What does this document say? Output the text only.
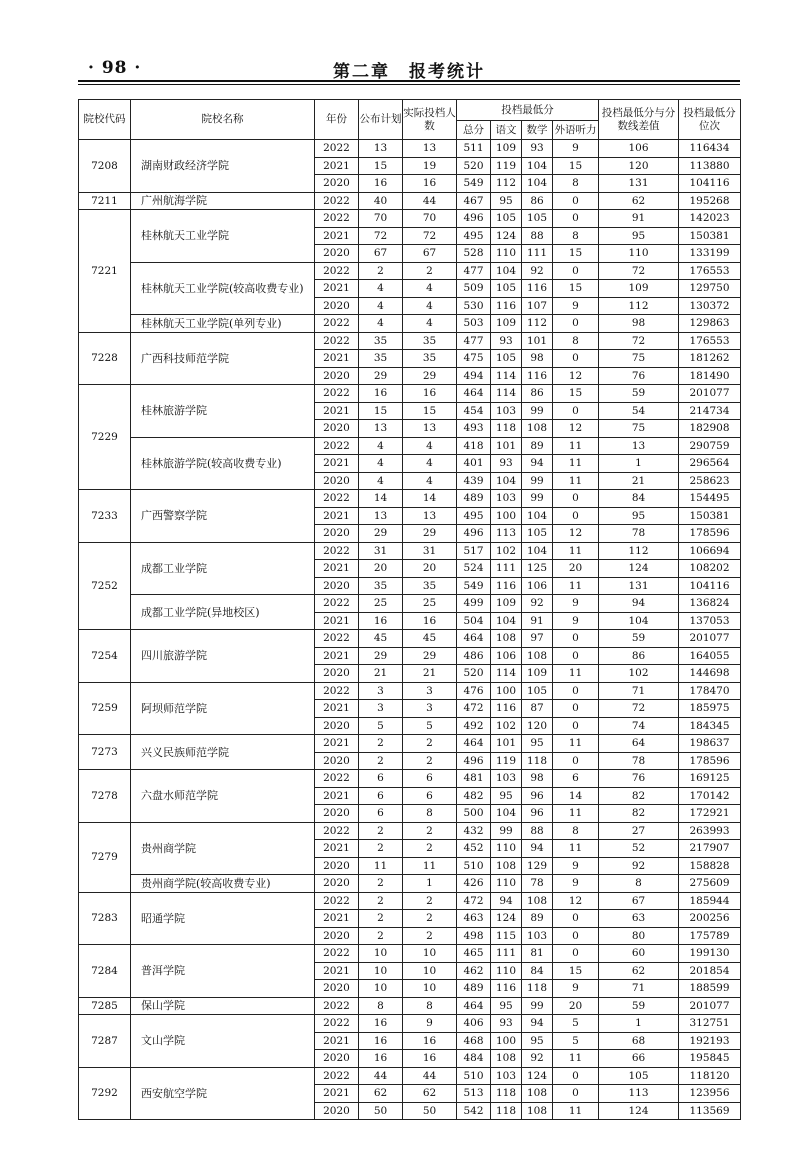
· 98 ·	第二章　报考统计
院校代码	院校名称	年份	公布计划	实际投档人数	投档最低分				投档最低分与分数线差值	投档最低分位次
					总分	语文	数学	外语听力		
7208	湖南财政经济学院	2022	13	13	511	109	93	9	106	116434
		2021	15	19	520	119	104	15	120	113880
		2020	16	16	549	112	104	8	131	104116
7211	广州航海学院	2022	40	44	467	95	86	0	62	195268
7221	桂林航天工业学院	2022	70	70	496	105	105	0	91	142023
		2021	72	72	495	124	88	8	95	150381
		2020	67	67	528	110	111	15	110	133199
	桂林航天工业学院(较高收费专业)	2022	2	2	477	104	92	0	72	176553
		2021	4	4	509	105	116	15	109	129750
		2020	4	4	530	116	107	9	112	130372
	桂林航天工业学院(单列专业)	2022	4	4	503	109	112	0	98	129863
7228	广西科技师范学院	2022	35	35	477	93	101	8	72	176553
		2021	35	35	475	105	98	0	75	181262
		2020	29	29	494	114	116	12	76	181490
7229	桂林旅游学院	2022	16	16	464	114	86	15	59	201077
		2021	15	15	454	103	99	0	54	214734
		2020	13	13	493	118	108	12	75	182908
	桂林旅游学院(较高收费专业)	2022	4	4	418	101	89	11	13	290759
		2021	4	4	401	93	94	11	1	296564
		2020	4	4	439	104	99	11	21	258623
7233	广西警察学院	2022	14	14	489	103	99	0	84	154495
		2021	13	13	495	100	104	0	95	150381
		2020	29	29	496	113	105	12	78	178596
7252	成都工业学院	2022	31	31	517	102	104	11	112	106694
		2021	20	20	524	111	125	20	124	108202
		2020	35	35	549	116	106	11	131	104116
	成都工业学院(异地校区)	2022	25	25	499	109	92	9	94	136824
		2021	16	16	504	104	91	9	104	137053
7254	四川旅游学院	2022	45	45	464	108	97	0	59	201077
		2021	29	29	486	106	108	0	86	164055
		2020	21	21	520	114	109	11	102	144698
7259	阿坝师范学院	2022	3	3	476	100	105	0	71	178470
		2021	3	3	472	116	87	0	72	185975
		2020	5	5	492	102	120	0	74	184345
7273	兴义民族师范学院	2021	2	2	464	101	95	11	64	198637
		2020	2	2	496	119	118	0	78	178596
7278	六盘水师范学院	2022	6	6	481	103	98	6	76	169125
		2021	6	6	482	95	96	14	82	170142
		2020	6	8	500	104	96	11	82	172921
7279	贵州商学院	2022	2	2	432	99	88	8	27	263993
		2021	2	2	452	110	94	11	52	217907
		2020	11	11	510	108	129	9	92	158828
	贵州商学院(较高收费专业)	2020	2	1	426	110	78	9	8	275609
7283	昭通学院	2022	2	2	472	94	108	12	67	185944
		2021	2	2	463	124	89	0	63	200256
		2020	2	2	498	115	103	0	80	175789
7284	普洱学院	2022	10	10	465	111	81	0	60	199130
		2021	10	10	462	110	84	15	62	201854
		2020	10	10	489	116	118	9	71	188599
7285	保山学院	2022	8	8	464	95	99	20	59	201077
7287	文山学院	2022	16	9	406	93	94	5	1	312751
		2021	16	16	468	100	95	5	68	192193
		2020	16	16	484	108	92	11	66	195845
7292	西安航空学院	2022	44	44	510	103	124	0	105	118120
		2021	62	62	513	118	108	0	113	123956
		2020	50	50	542	118	108	11	124	113569
